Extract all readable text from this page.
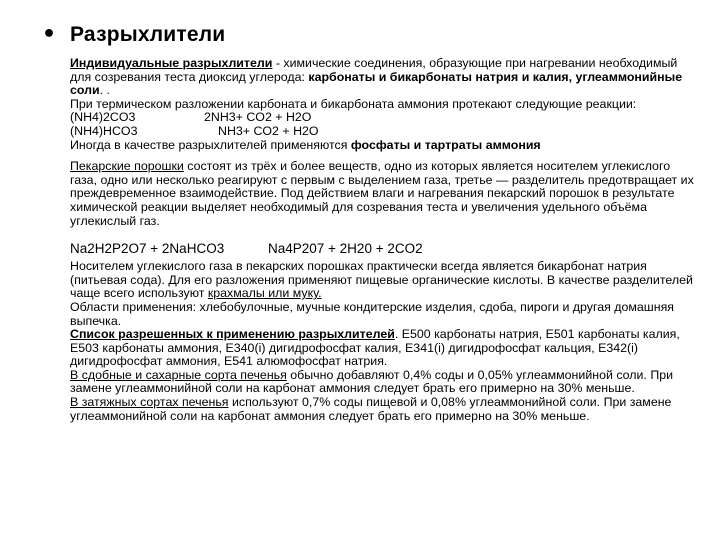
• Разрыхлители

Индивидуальные разрыхлители - химические соединения, образующие при нагревании необходимый для созревания теста диоксид углерода: карбонаты и бикарбонаты натрия и калия, углеаммонийные соли. .

При термическом разложении карбоната и бикарбоната аммония протекают следующие реакции:

(NH4)2CO3	2NH3+ CO2 + H2O
(NH4)HCO3	NH3+ CO2 + H2O

Иногда в качестве разрыхлителей применяются фосфаты и тартраты аммония

Пекарские порошки состоят из трёх и более веществ, одно из которых является носителем углекислого газа, одно или несколько реагируют с первым с выделением газа, третье — разделитель предотвращает их преждевременное взаимодействие. Под действием влаги и нагревания пекарский порошок в результате химической реакции выделяет необходимый для созревания теста и увеличения удельного объёма углекислый газ.

Na2H2P2O7 + 2NaHCO3	Na4P207 + 2H20 + 2CO2

Носителем углекислого газа в пекарских порошках практически всегда является бикарбонат натрия (питьевая сода). Для его разложения применяют пищевые органические кислоты. В качестве разделителей чаще всего используют крахмалы или муку.

Области применения: хлебобулочные, мучные кондитерские изделия, сдоба, пироги и другая домашняя выпечка.

Список разрешенных к применению разрыхлителей. E500 карбонаты натрия, E501 карбонаты калия, E503 карбонаты аммония, E340(i) дигидрофосфат калия, E341(i) дигидрофосфат кальция, E342(i) дигидрофосфат аммония, E541 алюмофосфат натрия.

В сдобные и сахарные сорта печенья обычно добавляют 0,4% соды и 0,05% углеаммонийной соли. При замене углеаммонийной соли на карбонат аммония следует брать его примерно на 30% меньше.

В затяжных сортах печенья используют 0,7% соды пищевой и 0,08% углеаммонийной соли. При замене углеаммонийной соли на карбонат аммония следует брать его примерно на 30% меньше.
